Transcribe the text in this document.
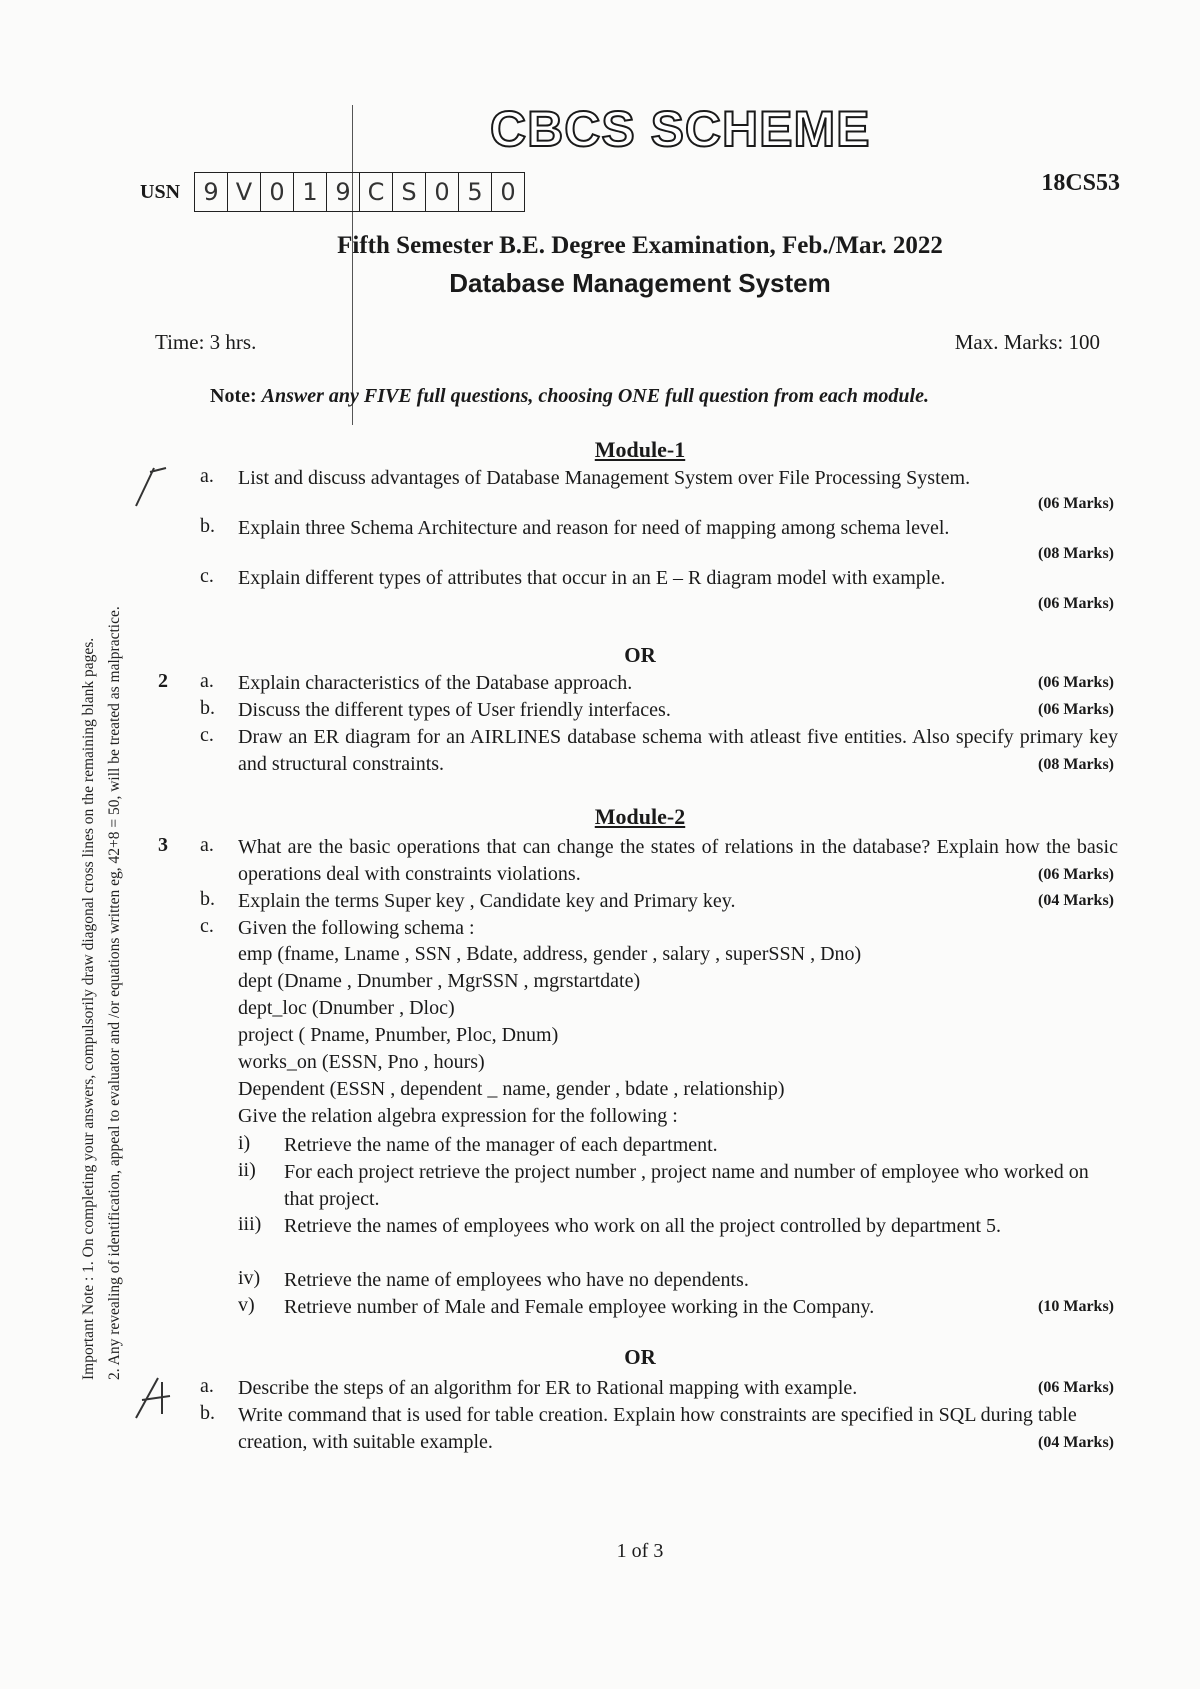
CBCS SCHEME
USN 9 V 0 1 9 C S 0 5 0	18CS53
Fifth Semester B.E. Degree Examination, Feb./Mar. 2022
Database Management System
Time: 3 hrs.	Max. Marks: 100
Note: Answer any FIVE full questions, choosing ONE full question from each module.
Important Note : 1. On completing your answers, compulsorily draw diagonal cross lines on the remaining blank pages. 2. Any revealing of identification, appeal to evaluator and /or equations written eg, 42+8 = 50, will be treated as malpractice.
Module-1
a. List and discuss advantages of Database Management System over File Processing System.
(06 Marks)
b. Explain three Schema Architecture and reason for need of mapping among schema level.
(08 Marks)
c. Explain different types of attributes that occur in an E – R diagram model with example.
(06 Marks)
OR
2 a. Explain characteristics of the Database approach.	(06 Marks)
b. Discuss the different types of User friendly interfaces.	(06 Marks)
c. Draw an ER diagram for an AIRLINES database schema with atleast five entities. Also specify primary key and structural constraints.	(08 Marks)
Module-2
3 a. What are the basic operations that can change the states of relations in the database? Explain how the basic operations deal with constraints violations.	(06 Marks)
b. Explain the terms Super key , Candidate key and Primary key.	(04 Marks)
c. Given the following schema :
emp (fname, Lname , SSN , Bdate, address, gender , salary , superSSN , Dno)
dept (Dname , Dnumber , MgrSSN , mgrstartdate)
dept_loc (Dnumber , Dloc)
project ( Pname, Pnumber, Ploc, Dnum)
works_on (ESSN, Pno , hours)
Dependent (ESSN , dependent _ name, gender , bdate , relationship)
Give the relation algebra expression for the following :
i) Retrieve the name of the manager of each department.
ii) For each project retrieve the project number , project name and number of employee who worked on that project.
iii) Retrieve the names of employees who work on all the project controlled by department 5.
iv) Retrieve the name of employees who have no dependents.
v) Retrieve number of Male and Female employee working in the Company.	(10 Marks)
OR
a. Describe the steps of an algorithm for ER to Rational mapping with example.	(06 Marks)
b. Write command that is used for table creation. Explain how constraints are specified in SQL during table creation, with suitable example.	(04 Marks)
1 of 3
